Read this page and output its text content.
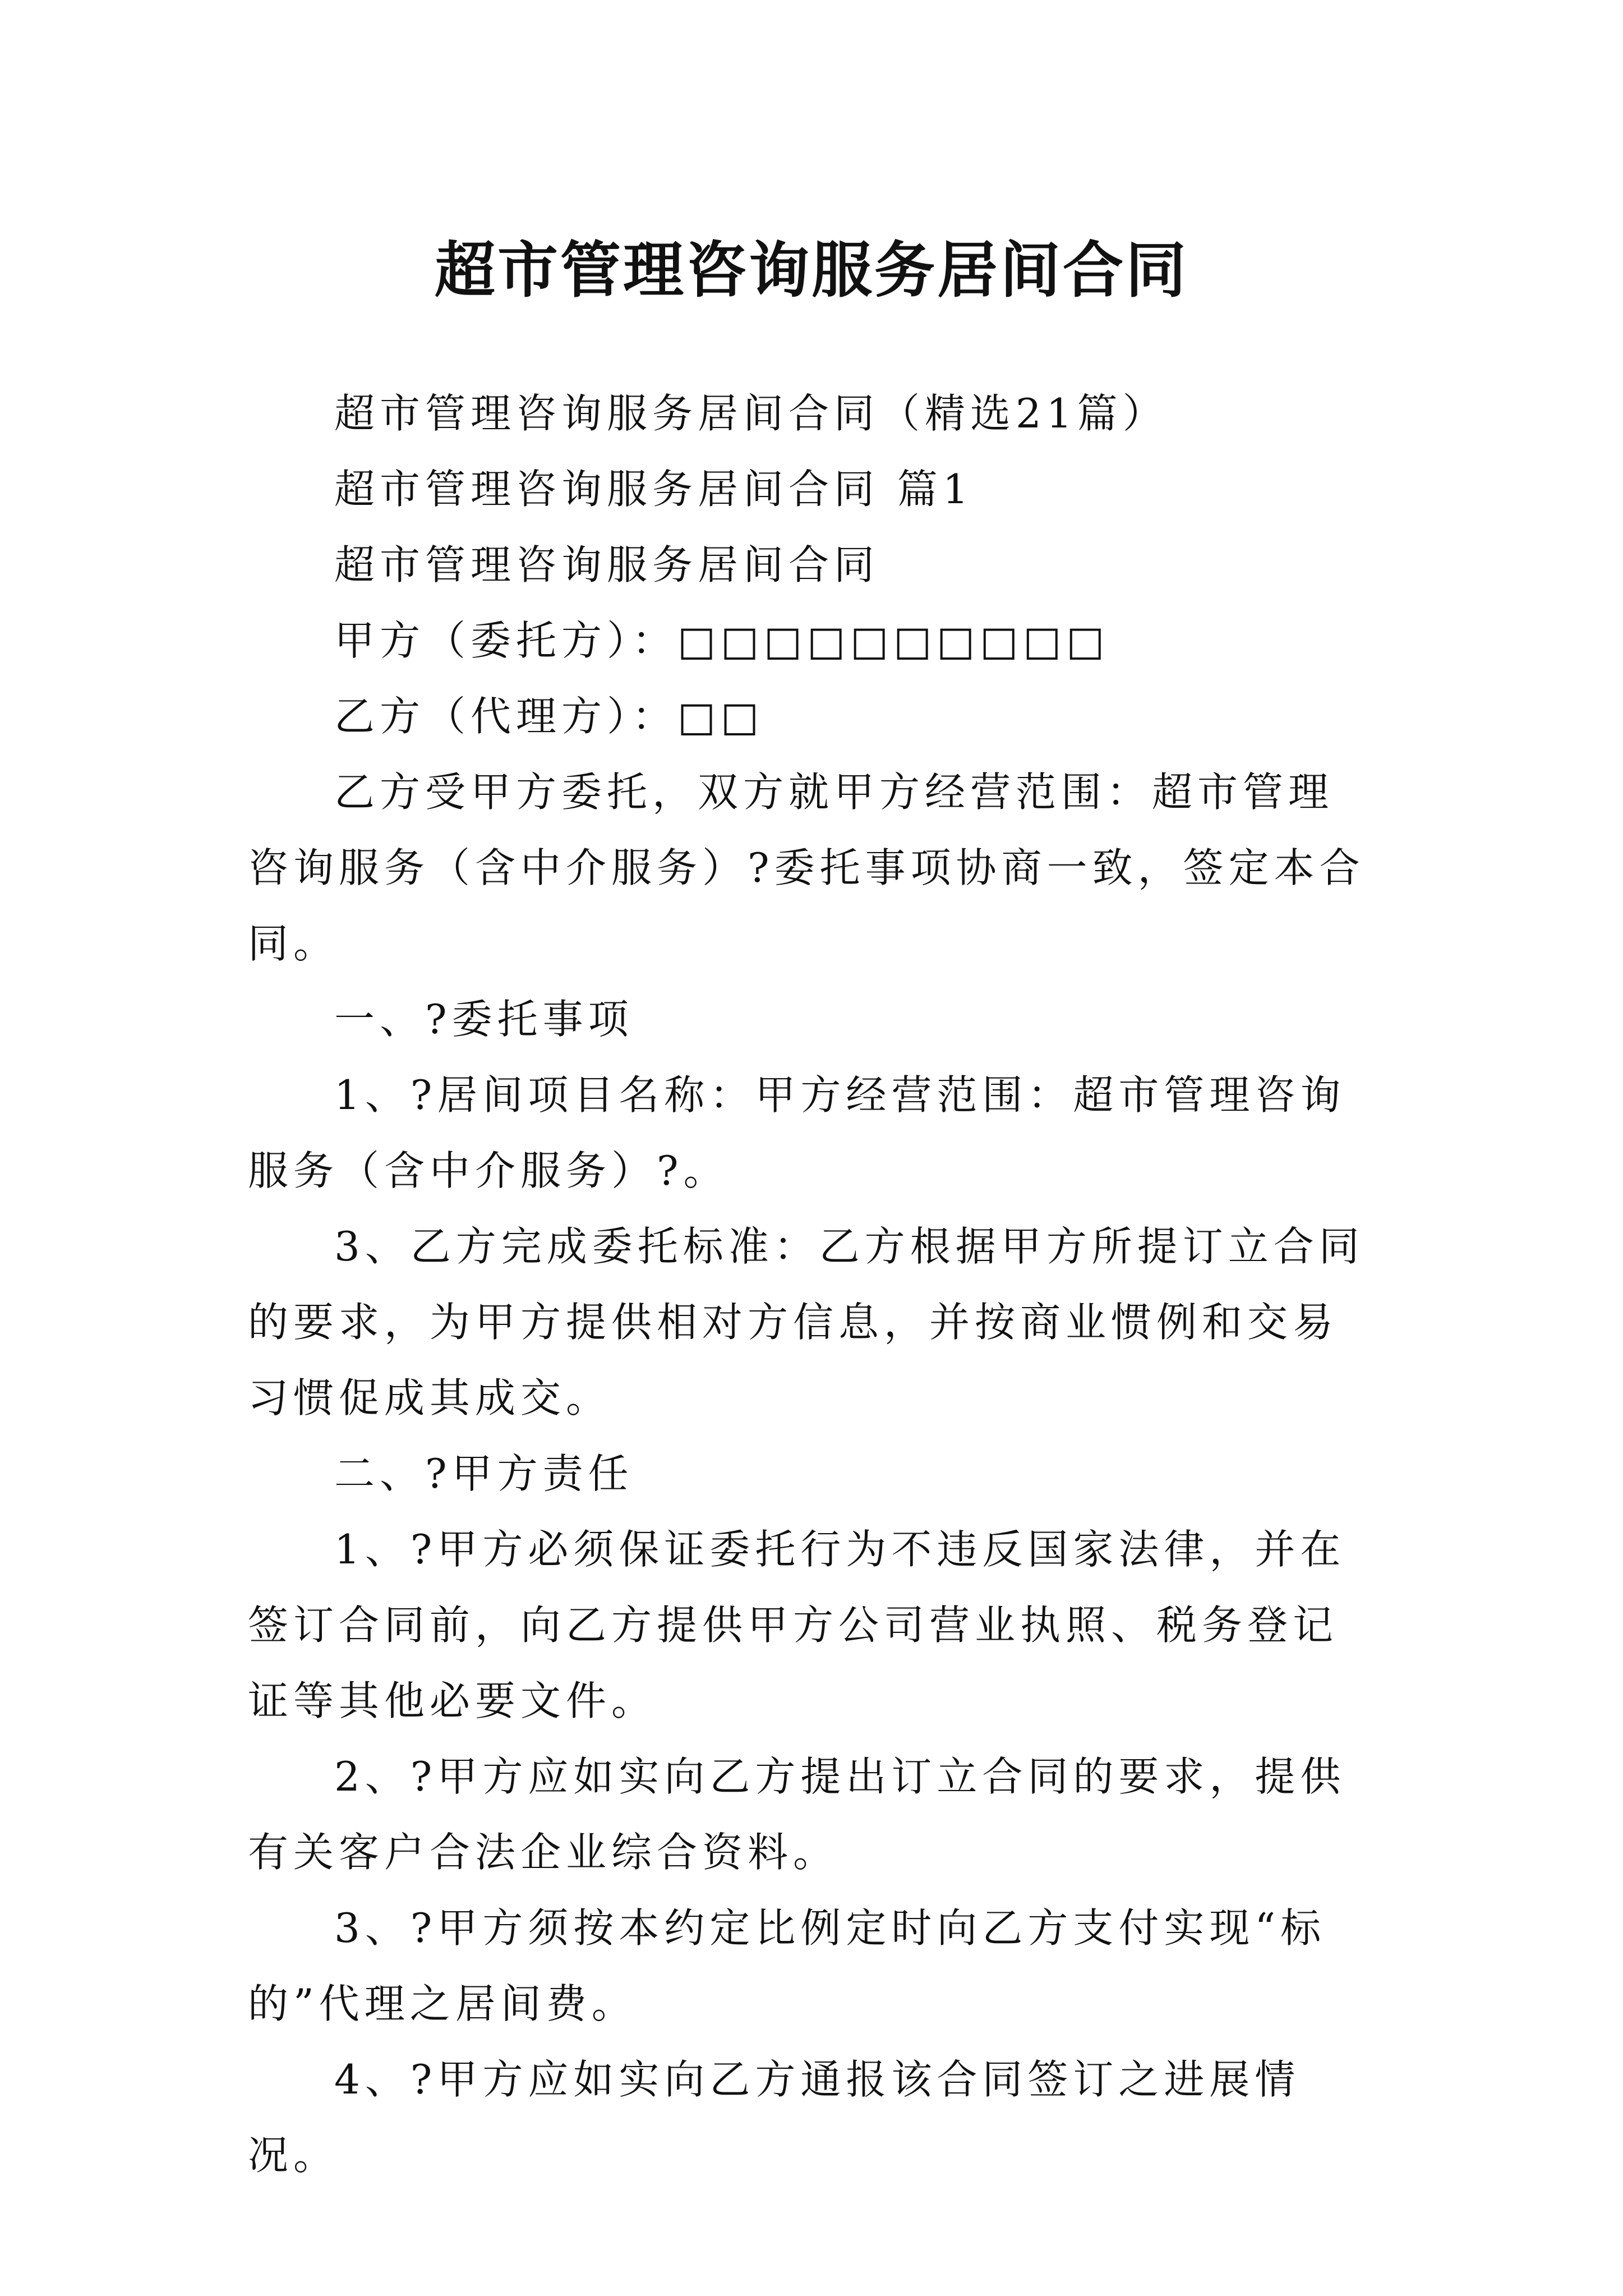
超市管理咨询服务居间合同

超市管理咨询服务居间合同（精选21篇）

超市管理咨询服务居间合同 篇1

超市管理咨询服务居间合同

甲方（委托方）：□□□□□□□□□□

乙方（代理方）：□□

乙方受甲方委托，双方就甲方经营范围：超市管理咨询服务（含中介服务）?委托事项协商一致，签定本合同。

一、?委托事项

1、?居间项目名称：甲方经营范围：超市管理咨询服务（含中介服务）?。

3、乙方完成委托标准：乙方根据甲方所提订立合同的要求，为甲方提供相对方信息，并按商业惯例和交易习惯促成其成交。

二、?甲方责任

1、?甲方必须保证委托行为不违反国家法律，并在签订合同前，向乙方提供甲方公司营业执照、税务登记证等其他必要文件。

2、?甲方应如实向乙方提出订立合同的要求，提供有关客户合法企业综合资料。

3、?甲方须按本约定比例定时向乙方支付实现“标的”代理之居间费。

4、?甲方应如实向乙方通报该合同签订之进展情况。
